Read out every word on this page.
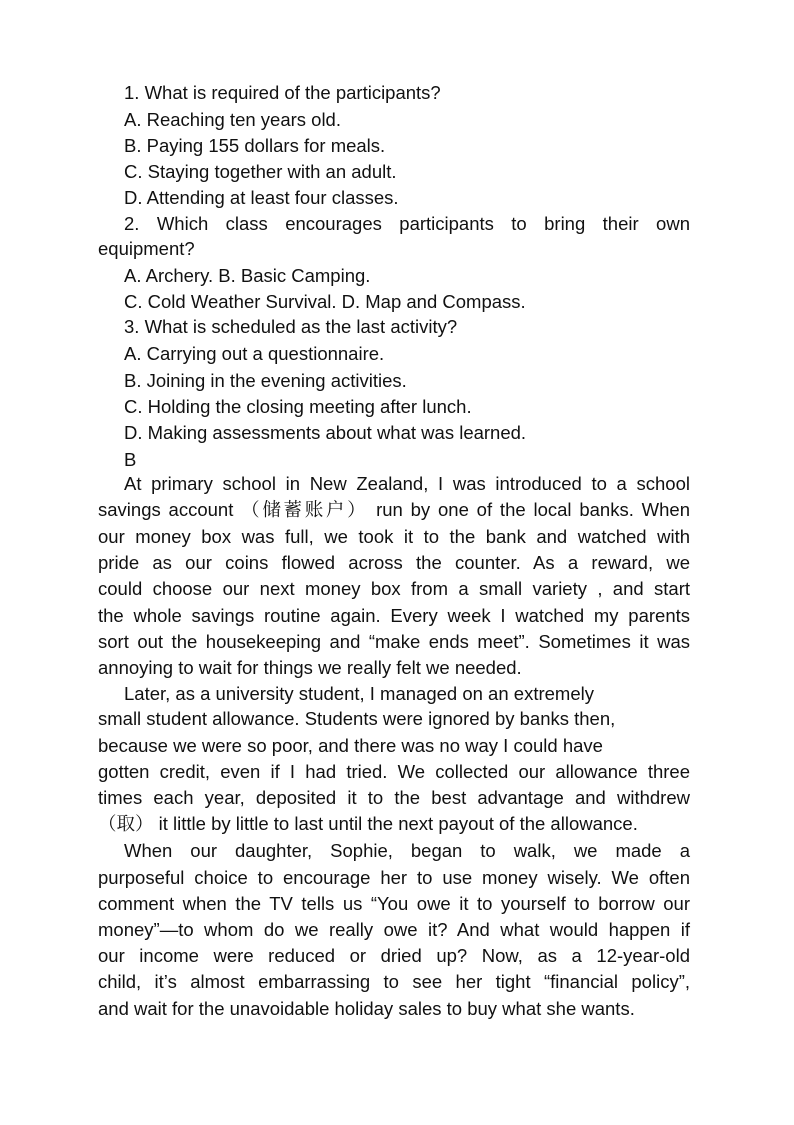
1. What is required of the participants?
A. Reaching ten years old.
B. Paying 155 dollars for meals.
C. Staying together with an adult.
D. Attending at least four classes.
2. Which class encourages participants to bring their own
equipment?
A. Archery. B. Basic Camping.
C. Cold Weather Survival. D. Map and Compass.
3. What is scheduled as the last activity?
A. Carrying out a questionnaire.
B. Joining in the evening activities.
C. Holding the closing meeting after lunch.
D. Making assessments about what was learned.
B
At primary school in New Zealand, I was introduced to a school
savings account （储蓄账户） run by one of the local banks. When
our money box was full, we took it to the bank and watched with
pride as our coins flowed across the counter. As a reward, we
could choose our next money box from a small variety , and start
the whole savings routine again. Every week I watched my parents
sort out the housekeeping and “make ends meet”. Sometimes it was
annoying to wait for things we really felt we needed.
Later, as a university student, I managed on an extremely
small student allowance. Students were ignored by banks then,
because we were so poor, and there was no way I could have
gotten credit, even if I had tried. We collected our allowance three
times each year, deposited it to the best advantage and withdrew
（取） it little by little to last until the next payout of the allowance.
When our daughter, Sophie, began to walk, we made a
purposeful choice to encourage her to use money wisely. We often
comment when the TV tells us “You owe it to yourself to borrow our
money”—to whom do we really owe it? And what would happen if
our income were reduced or dried up? Now, as a 12-year-old
child, it’s almost embarrassing to see her tight “financial policy”,
and wait for the unavoidable holiday sales to buy what she wants.
